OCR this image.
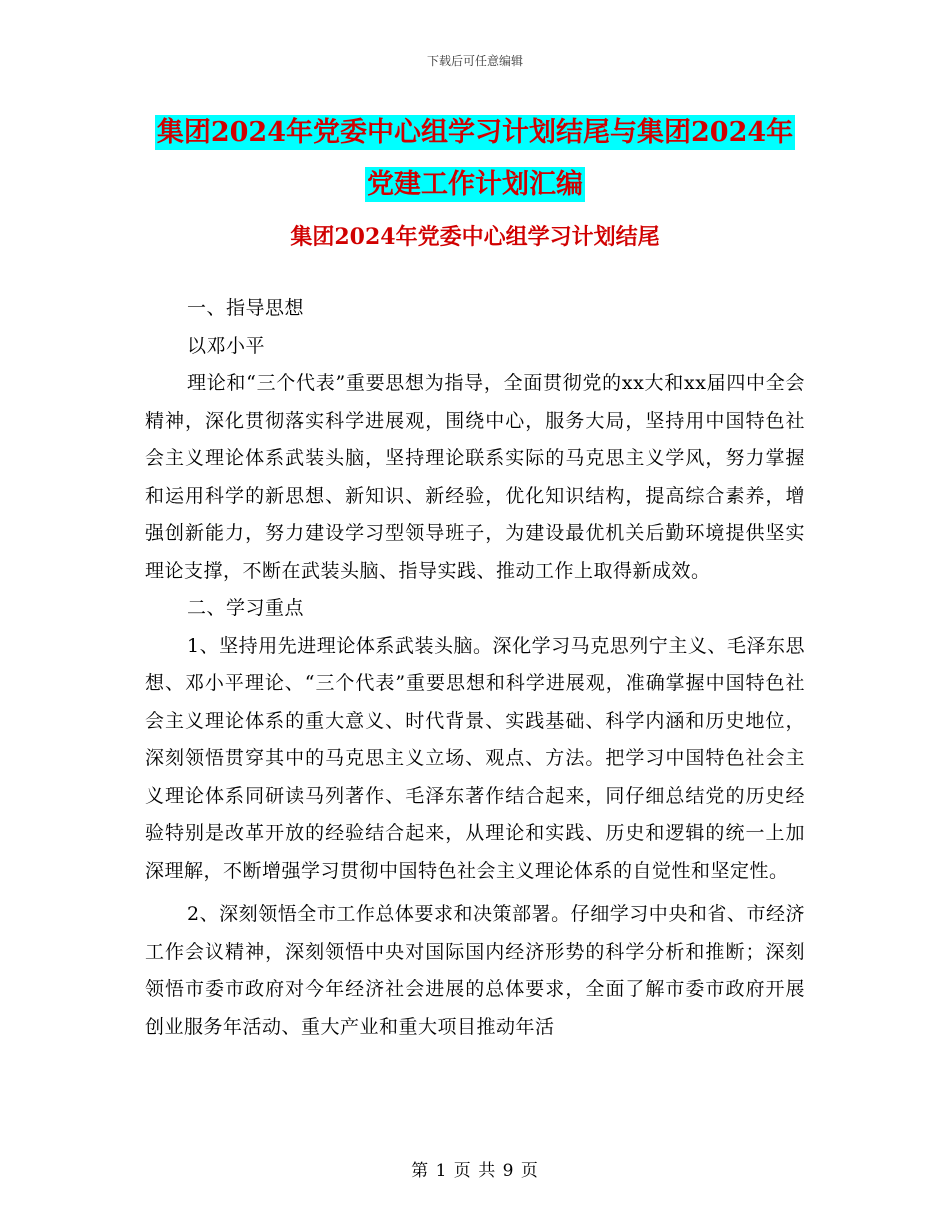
下载后可任意编辑
集团2024年党委中心组学习计划结尾与集团2024年
党建工作计划汇编
集团2024年党委中心组学习计划结尾

一、指导思想

以邓小平

理论和“三个代表”重要思想为指导，全面贯彻党的xx大和xx届四中全会精神，深化贯彻落实科学进展观，围绕中心，服务大局，坚持用中国特色社会主义理论体系武装头脑，坚持理论联系实际的马克思主义学风，努力掌握和运用科学的新思想、新知识、新经验，优化知识结构，提高综合素养，增强创新能力，努力建设学习型领导班子，为建设最优机关后勤环境提供坚实理论支撑，不断在武装头脑、指导实践、推动工作上取得新成效。

二、学习重点

1、坚持用先进理论体系武装头脑。深化学习马克思列宁主义、毛泽东思想、邓小平理论、“三个代表”重要思想和科学进展观，准确掌握中国特色社会主义理论体系的重大意义、时代背景、实践基础、科学内涵和历史地位，深刻领悟贯穿其中的马克思主义立场、观点、方法。把学习中国特色社会主义理论体系同研读马列著作、毛泽东著作结合起来，同仔细总结党的历史经验特别是改革开放的经验结合起来，从理论和实践、历史和逻辑的统一上加深理解，不断增强学习贯彻中国特色社会主义理论体系的自觉性和坚定性。

2、深刻领悟全市工作总体要求和决策部署。仔细学习中央和省、市经济工作会议精神，深刻领悟中央对国际国内经济形势的科学分析和推断；深刻领悟市委市政府对今年经济社会进展的总体要求，全面了解市委市政府开展创业服务年活动、重大产业和重大项目推动年活

第 1 页 共 9 页
